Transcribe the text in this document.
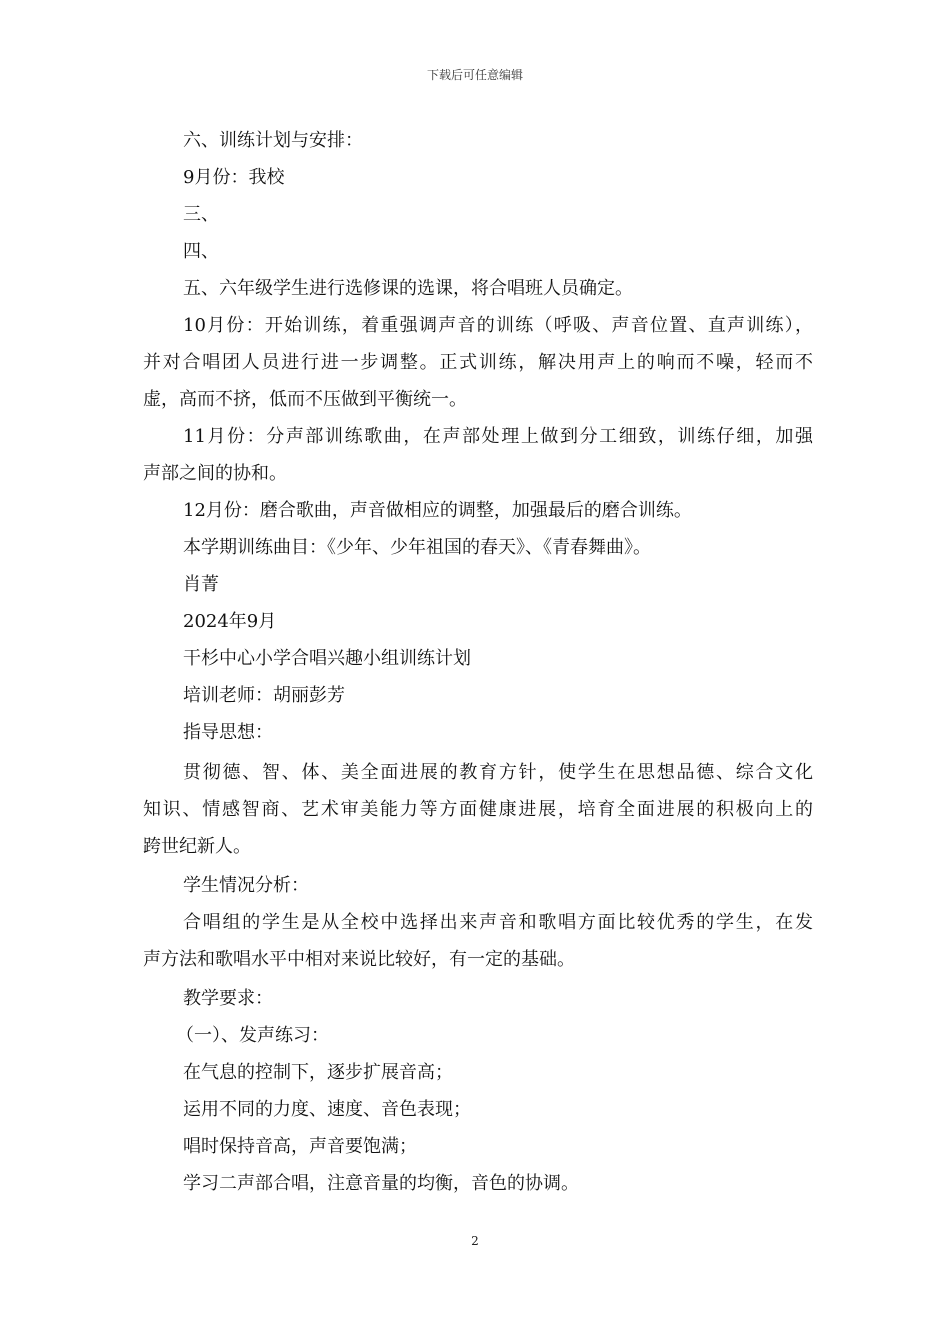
下载后可任意编辑
六、训练计划与安排：
9月份：我校
三、
四、
五、六年级学生进行选修课的选课，将合唱班人员确定。
10月份：开始训练，着重强调声音的训练（呼吸、声音位置、直声训练），
并对合唱团人员进行进一步调整。正式训练，解决用声上的响而不噪，轻而不
虚，高而不挤，低而不压做到平衡统一。
11月份：分声部训练歌曲，在声部处理上做到分工细致，训练仔细，加强
声部之间的协和。
12月份：磨合歌曲，声音做相应的调整，加强最后的磨合训练。
本学期训练曲目：《少年、少年祖国的春天》、《青春舞曲》。
肖菁
2024年9月
干杉中心小学合唱兴趣小组训练计划
培训老师：胡丽彭芳
指导思想：
贯彻德、智、体、美全面进展的教育方针，使学生在思想品德、综合文化
知识、情感智商、艺术审美能力等方面健康进展，培育全面进展的积极向上的
跨世纪新人。
学生情况分析：
合唱组的学生是从全校中选择出来声音和歌唱方面比较优秀的学生，在发
声方法和歌唱水平中相对来说比较好，有一定的基础。
教学要求：
（一）、发声练习：
在气息的控制下，逐步扩展音高；
运用不同的力度、速度、音色表现；
唱时保持音高，声音要饱满；
学习二声部合唱，注意音量的均衡，音色的协调。
2
